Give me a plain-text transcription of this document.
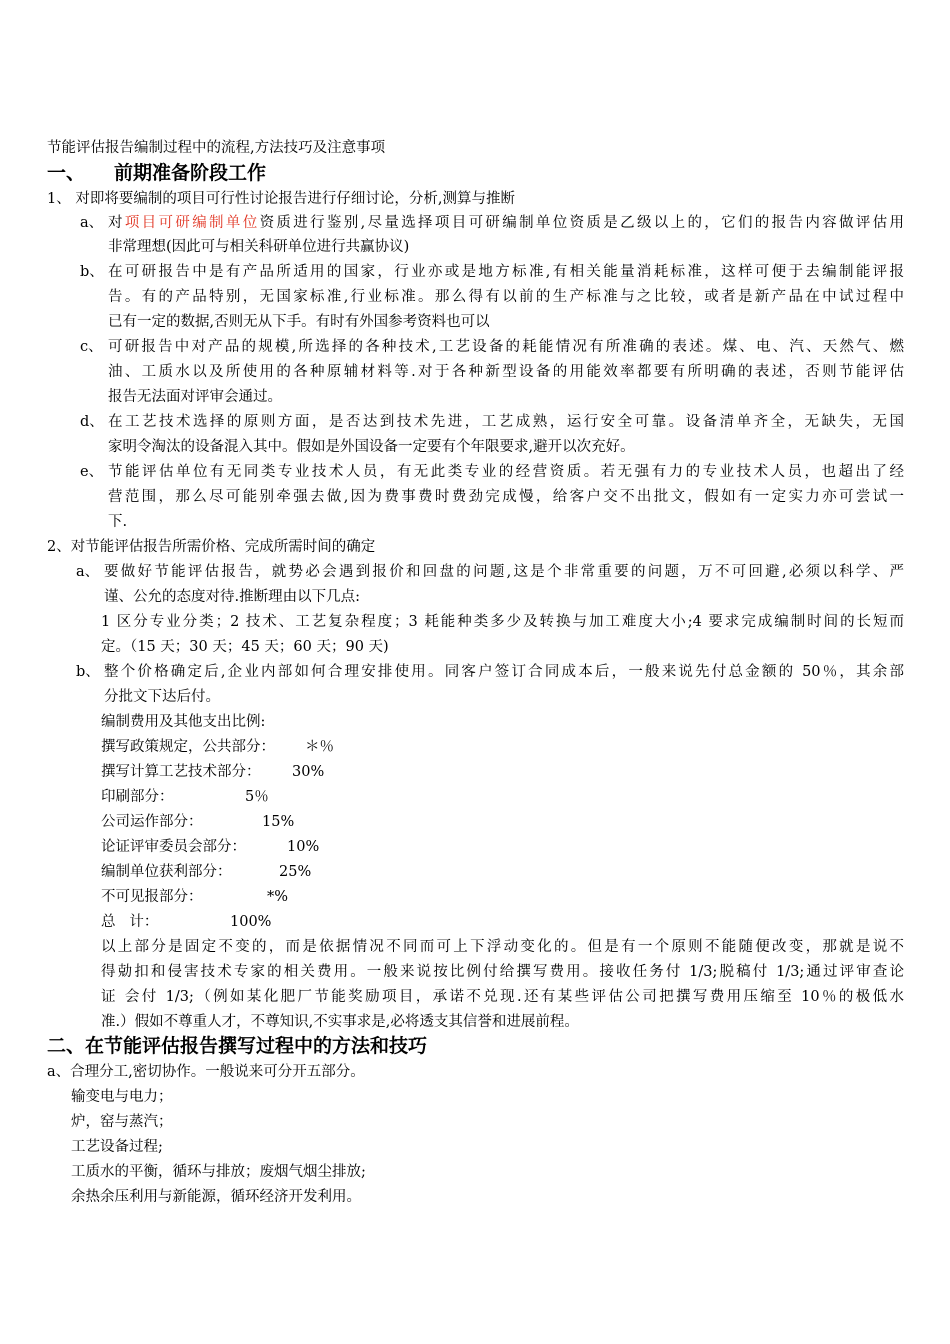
节能评估报告编制过程中的流程,方法技巧及注意事项
一、 前期准备阶段工作
1、 对即将要编制的项目可行性讨论报告进行仔细讨论，分析,测算与推断
a、 对项目可研编制单位资质进行鉴别,尽量选择项目可研编制单位资质是乙级以上的，它们的报告内容做评估用
非常理想(因此可与相关科研单位进行共赢协议)
b、 在可研报告中是有产品所适用的国家，行业亦或是地方标准,有相关能量消耗标准，这样可便于去编制能评报
告。有的产品特别，无国家标准,行业标准。那么得有以前的生产标准与之比较，或者是新产品在中试过程中
已有一定的数据,否则无从下手。有时有外国参考资料也可以
c、 可研报告中对产品的规模,所选择的各种技术,工艺设备的耗能情况有所准确的表述。煤、电、汽、天然气、燃
油、工质水以及所使用的各种原辅材料等.对于各种新型设备的用能效率都要有所明确的表述，否则节能评估
报告无法面对评审会通过。
d、 在工艺技术选择的原则方面，是否达到技术先进，工艺成熟，运行安全可靠。设备清单齐全，无缺失，无国
家明令淘汰的设备混入其中。假如是外国设备一定要有个年限要求,避开以次充好。
e、 节能评估单位有无同类专业技术人员，有无此类专业的经营资质。若无强有力的专业技术人员，也超出了经
营范围，那么尽可能别牵强去做,因为费事费时费劲完成慢，给客户交不出批文，假如有一定实力亦可尝试一
下.
2、对节能评估报告所需价格、完成所需时间的确定
a、 要做好节能评估报告，就势必会遇到报价和回盘的问题,这是个非常重要的问题，万不可回避,必须以科学、严
谨、公允的态度对待.推断理由以下几点:
1 区分专业分类；2 技术、工艺复杂程度；3 耗能种类多少及转换与加工难度大小;4 要求完成编制时间的长短而
定。（15 天；30 天；45 天；60 天；90 天)
b、 整个价格确定后,企业内部如何合理安排使用。同客户签订合同成本后，一般来说先付总金额的 50％，其余部
分批文下达后付。
编制费用及其他支出比例:
撰写政策规定，公共部分： ＊％
撰写计算工艺技术部分： 30%
印刷部分：	5％
公司运作部分：	15%
论证评审委员会部分：	10%
编制单位获利部分：	25%
不可见报部分：	*%
总   计：	100%
以上部分是固定不变的，而是依据情况不同而可上下浮动变化的。但是有一个原则不能随便改变，那就是说不
得勀扣和侵害技术专家的相关费用。一般来说按比例付给撰写费用。接收任务付 1/3;脱稿付 1/3;通过评审查论
证 会付 1/3;（例如某化肥厂节能奖励项目，承诺不兑现.还有某些评估公司把撰写费用压缩至 10％的极低水
准.）假如不尊重人才，不尊知识,不实事求是,必将透支其信誉和进展前程。
二、在节能评估报告撰写过程中的方法和技巧
a、合理分工,密切协作。一般说来可分开五部分。
输变电与电力；
炉，窑与蒸汽；
工艺设备过程;
工质水的平衡，循环与排放；废烟气烟尘排放;
余热余压利用与新能源，循环经济开发利用。
